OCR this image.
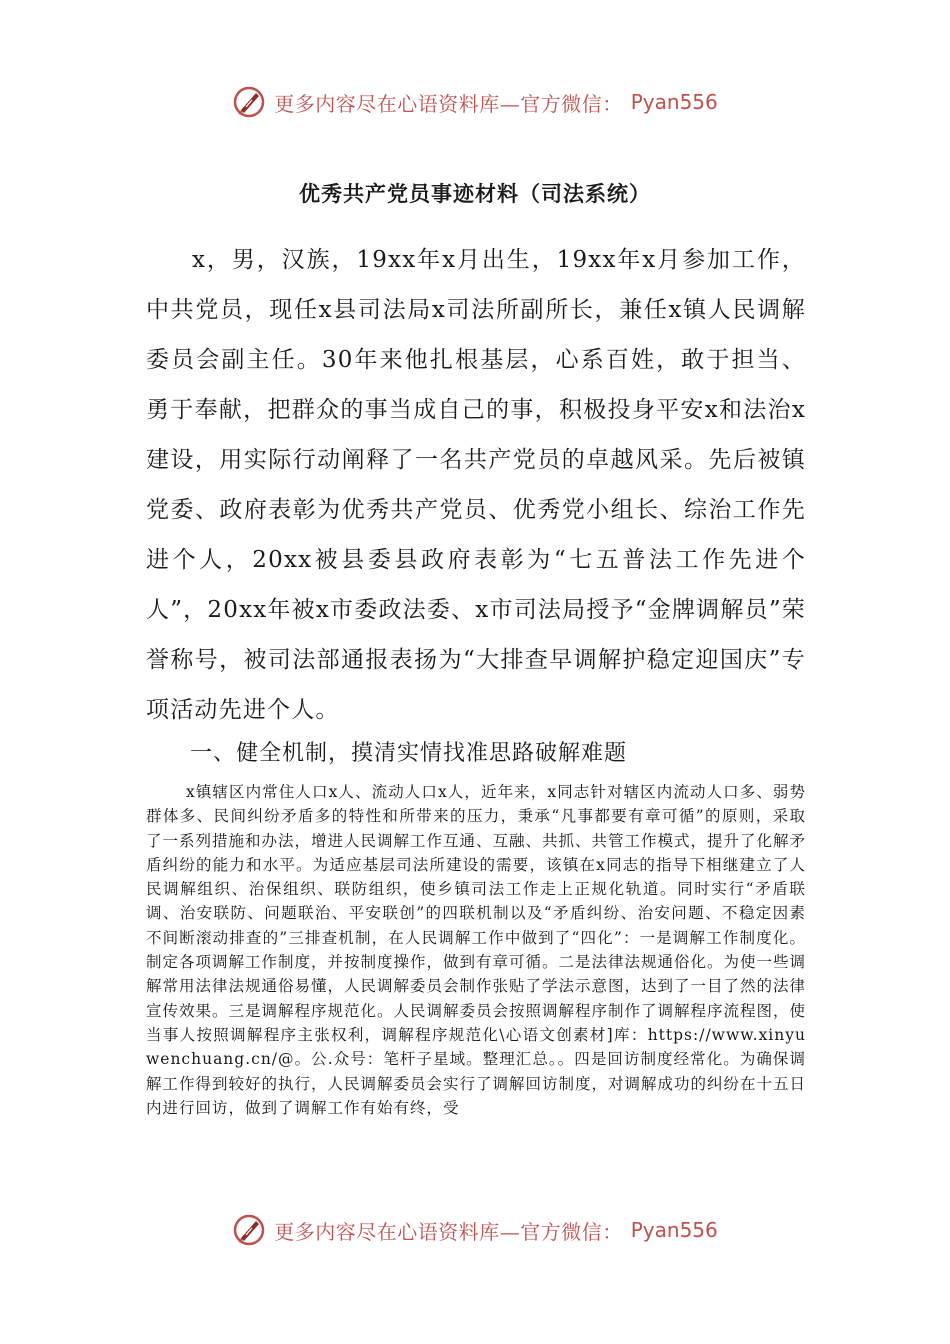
更多内容尽在心语资料库—官方微信： Pyan556
优秀共产党员事迹材料（司法系统）

x，男，汉族，19xx年x月出生，19xx年x月参加工作，中共党员，现任x县司法局x司法所副所长，兼任x镇人民调解委员会副主任。30年来他扎根基层，心系百姓，敢于担当、勇于奉献，把群众的事当成自己的事，积极投身平安x和法治x建设，用实际行动阐释了一名共产党员的卓越风采。先后被镇党委、政府表彰为优秀共产党员、优秀党小组长、综治工作先进个人，20xx被县委县政府表彰为“七五普法工作先进个人”，20xx年被x市委政法委、x市司法局授予“金牌调解员”荣誉称号，被司法部通报表扬为“大排查早调解护稳定迎国庆”专项活动先进个人。

一、健全机制，摸清实情找准思路破解难题

x镇辖区内常住人口x人、流动人口x人，近年来，x同志针对辖区内流动人口多、弱势群体多、民间纠纷矛盾多的特性和所带来的压力，秉承“凡事都要有章可循”的原则，采取了一系列措施和办法，增进人民调解工作互通、互融、共抓、共管工作模式，提升了化解矛盾纠纷的能力和水平。为适应基层司法所建设的需要，该镇在x同志的指导下相继建立了人民调解组织、治保组织、联防组织，使乡镇司法工作走上正规化轨道。同时实行“矛盾联调、治安联防、问题联治、平安联创”的四联机制以及“矛盾纠纷、治安问题、不稳定因素不间断滚动排查的”三排查机制，在人民调解工作中做到了“四化”：一是调解工作制度化。制定各项调解工作制度，并按制度操作，做到有章可循。二是法律法规通俗化。为使一些调解常用法律法规通俗易懂，人民调解委员会制作张贴了学法示意图，达到了一目了然的法律宣传效果。三是调解程序规范化。人民调解委员会按照调解程序制作了调解程序流程图，使当事人按照调解程序主张权利，调解程序规范化\心语文创素材]库：https://www.xinyuwenchuang.cn/@。公.众号：笔杆子星域。整理汇总。。四是回访制度经常化。为确保调解工作得到较好的执行，人民调解委员会实行了调解回访制度，对调解成功的纠纷在十五日内进行回访，做到了调解工作有始有终，受

更多内容尽在心语资料库—官方微信： Pyan556
